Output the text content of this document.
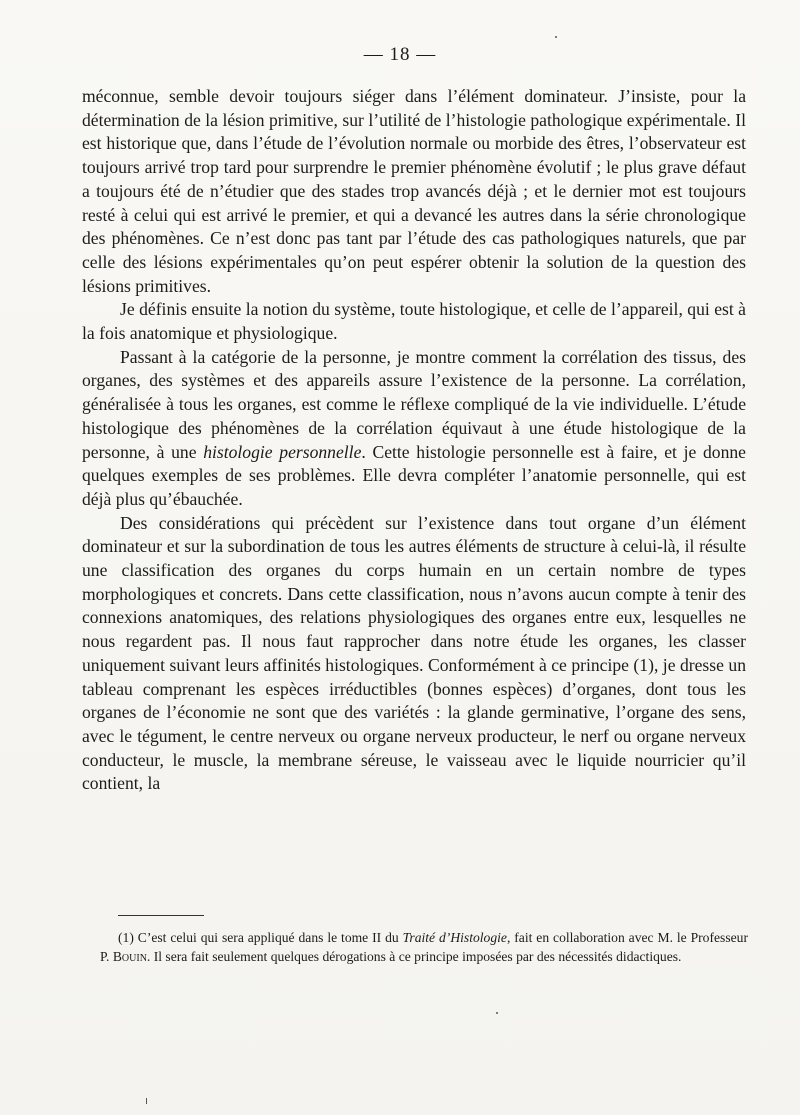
— 18 —

méconnue, semble devoir toujours siéger dans l’élément dominateur. J’insiste, pour la détermination de la lésion primitive, sur l’utilité de l’histologie pathologique expérimentale. Il est historique que, dans l’étude de l’évolution normale ou morbide des êtres, l’observateur est toujours arrivé trop tard pour surprendre le premier phénomène évolutif ; le plus grave défaut a toujours été de n’étudier que des stades trop avancés déjà ; et le dernier mot est toujours resté à celui qui est arrivé le premier, et qui a devancé les autres dans la série chronologique des phénomènes. Ce n’est donc pas tant par l’étude des cas pathologiques naturels, que par celle des lésions expérimentales qu’on peut espérer obtenir la solution de la question des lésions primitives.

Je définis ensuite la notion du système, toute histologique, et celle de l’appareil, qui est à la fois anatomique et physiologique.

Passant à la catégorie de la personne, je montre comment la corrélation des tissus, des organes, des systèmes et des appareils assure l’existence de la personne. La corrélation, généralisée à tous les organes, est comme le réflexe compliqué de la vie individuelle. L’étude histologique des phénomènes de la corrélation équivaut à une étude histologique de la personne, à une histologie personnelle. Cette histologie personnelle est à faire, et je donne quelques exemples de ses problèmes. Elle devra compléter l’anatomie personnelle, qui est déjà plus qu’ébauchée.

Des considérations qui précèdent sur l’existence dans tout organe d’un élément dominateur et sur la subordination de tous les autres éléments de structure à celui-là, il résulte une classification des organes du corps humain en un certain nombre de types morphologiques et concrets. Dans cette classification, nous n’avons aucun compte à tenir des connexions anatomiques, des relations physiologiques des organes entre eux, lesquelles ne nous regardent pas. Il nous faut rapprocher dans notre étude les organes, les classer uniquement suivant leurs affinités histologiques. Conformément à ce principe (1), je dresse un tableau comprenant les espèces irréductibles (bonnes espèces) d’organes, dont tous les organes de l’économie ne sont que des variétés : la glande germinative, l’organe des sens, avec le tégument, le centre nerveux ou organe nerveux producteur, le nerf ou organe nerveux conducteur, le muscle, la membrane séreuse, le vaisseau avec le liquide nourricier qu’il contient, la

(1) C’est celui qui sera appliqué dans le tome II du Traité d’Histologie, fait en collaboration avec M. le Professeur P. Bouin. Il sera fait seulement quelques dérogations à ce principe imposées par des nécessités didactiques.
